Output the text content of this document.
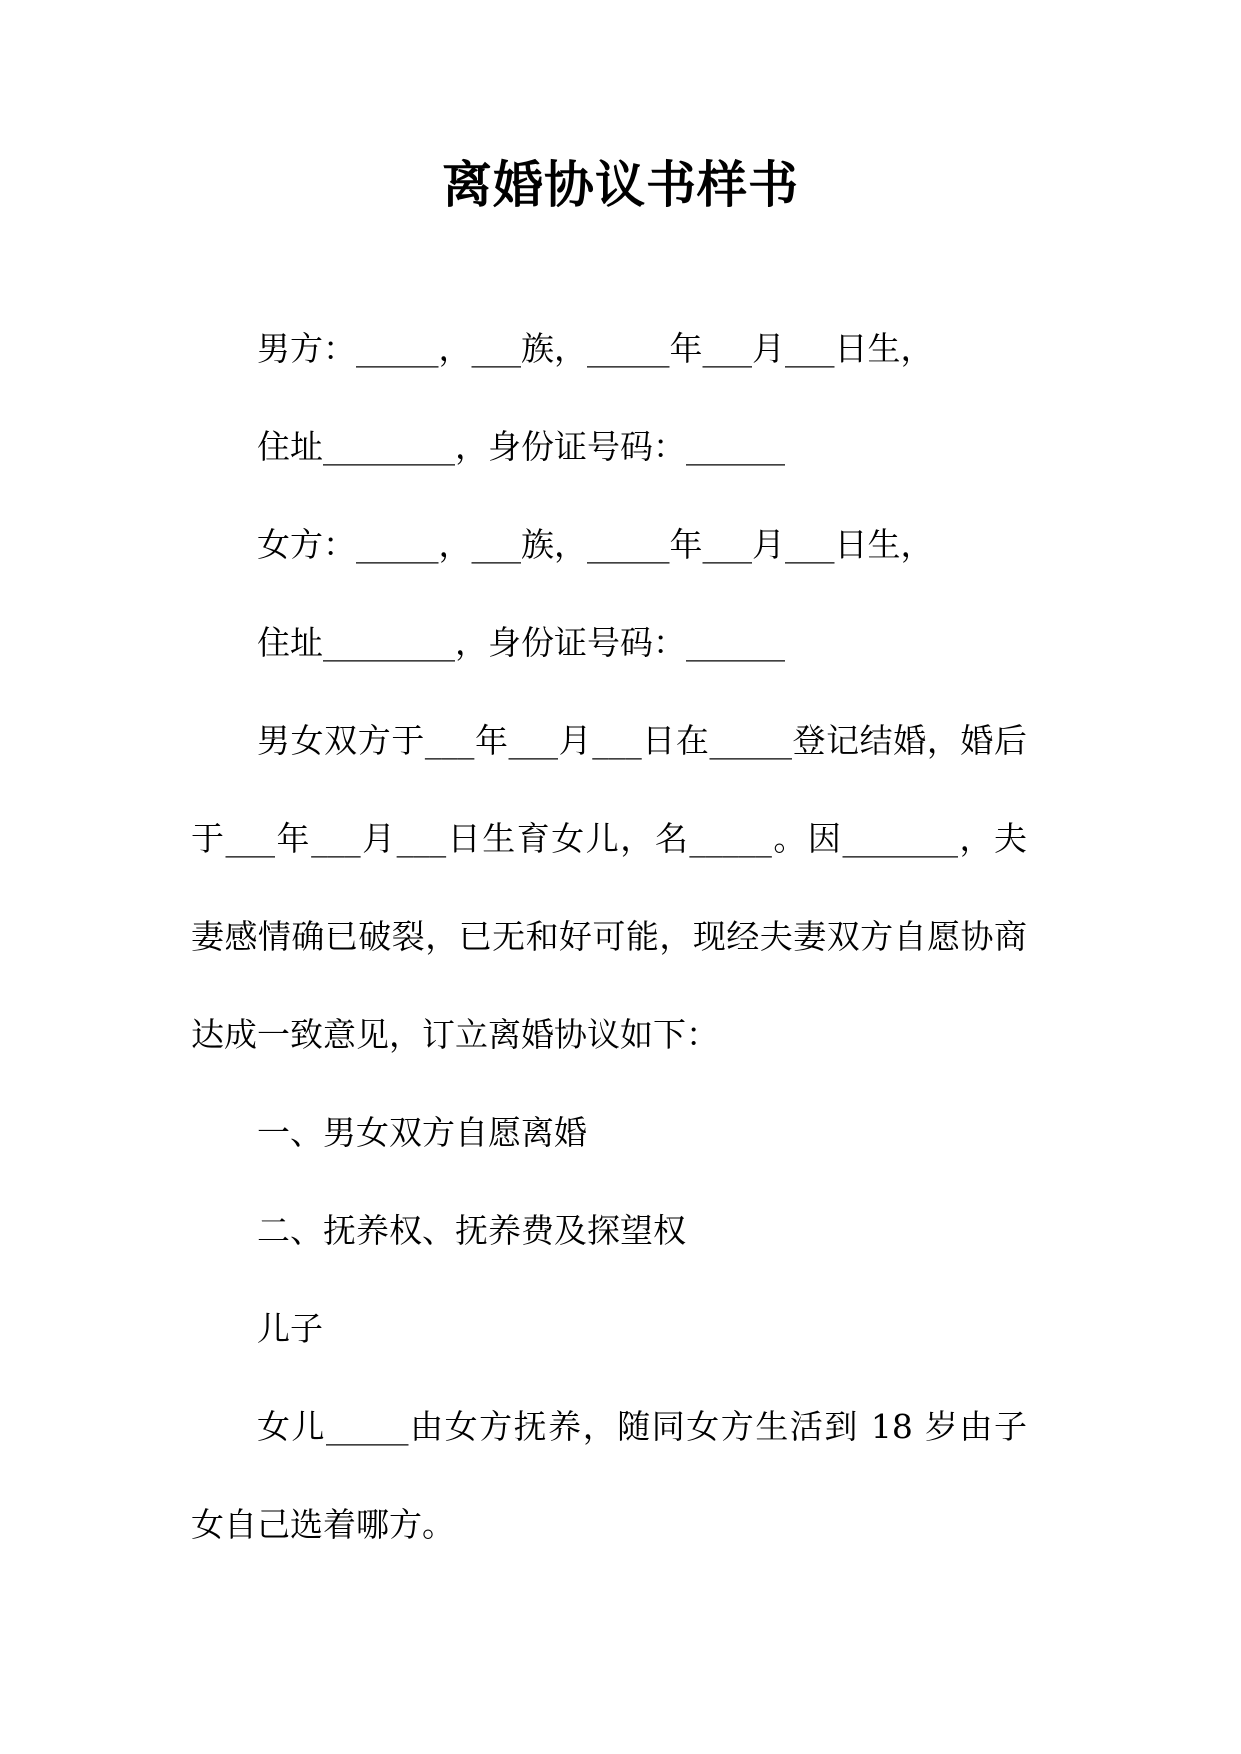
离婚协议书样书

男方：_____，___族，_____年___月___日生，

住址________，身份证号码：______

女方：_____，___族，_____年___月___日生，

住址________，身份证号码：______

男女双方于___年___月___日在_____登记结婚，婚后于___年___月___日生育女儿，名_____。因_______，夫妻感情确已破裂，已无和好可能，现经夫妻双方自愿协商达成一致意见，订立离婚协议如下：

一、男女双方自愿离婚

二、抚养权、抚养费及探望权

儿子

女儿_____由女方抚养，随同女方生活到 18 岁由子女自己选着哪方。
